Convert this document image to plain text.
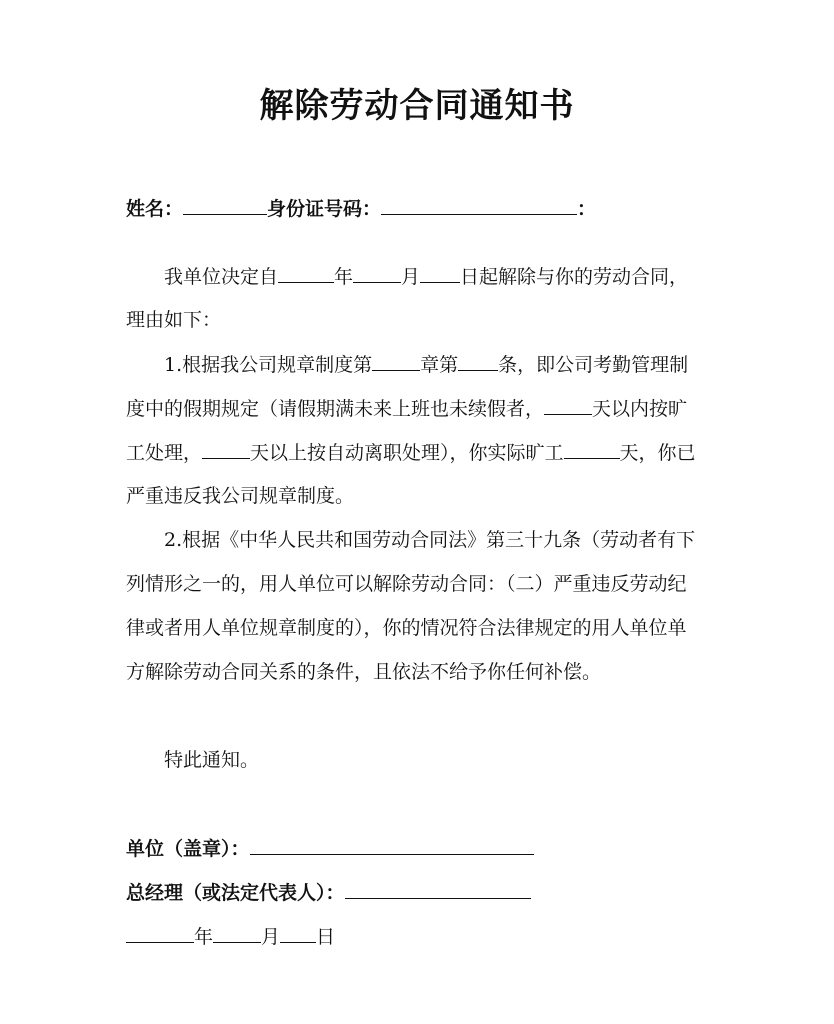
解除劳动合同通知书
姓名：	身份证号码：	：
我单位决定自	年	月 日起解除与你的劳动合同，
理由如下：
1.根据我公司规章制度第	章第 条，即公司考勤管理制
度中的假期规定（请假期满未来上班也未续假者，	天以内按旷
工处理，	天以上按自动离职处理），你实际旷工	天，你已
严重违反我公司规章制度。
2.根据《中华人民共和国劳动合同法》第三十九条（劳动者有下
列情形之一的，用人单位可以解除劳动合同：（二）严重违反劳动纪
律或者用人单位规章制度的），你的情况符合法律规定的用人单位单
方解除劳动合同关系的条件，且依法不给予你任何补偿。
特此通知。
单位（盖章）：
总经理（或法定代表人）：
年	月 日
